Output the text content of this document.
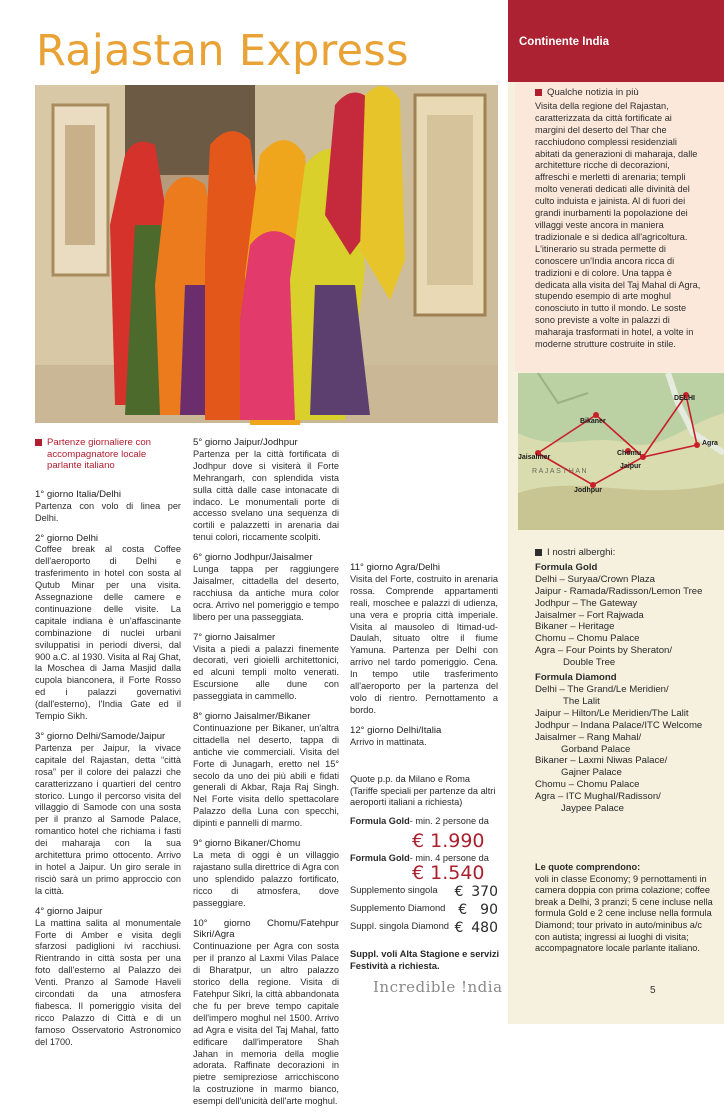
Rajastan Express
Partenze giornaliere con accompagnatore locale parlante italiano

1° giorno Italia/Delhi
Partenza con volo di linea per Delhi.

2° giorno Delhi
Coffee break al costa Coffee dell'aeroporto di Delhi e trasferimento in hotel con sosta al Qutub Minar per una visita. Assegnazione delle camere e continuazione delle visite. La capitale indiana è un'affascinante combinazione di nuclei urbani sviluppatisi in periodi diversi, dal 900 a.C. al 1930. Visita al Raj Ghat, la Moschea di Jama Masjid dalla cupola bianconera, il Forte Rosso ed i palazzi governativi (dall'esterno), l'India Gate ed il Tempio Sikh.

3° giorno Delhi/Samode/Jaipur
Partenza per Jaipur, la vivace capitale del Rajastan, detta “città rosa” per il colore dei palazzi che caratterizzano i quartieri del centro storico. Lungo il percorso visita del villaggio di Samode con una sosta per il pranzo al Samode Palace, romantico hotel che richiama i fasti dei maharaja con la sua architettura primo ottocento. Arrivo in hotel a Jaipur. Un giro serale in risciò sarà un primo approccio con la città.

4° giorno Jaipur
La mattina salita al monumentale Forte di Amber e visita degli sfarzosi padiglioni ivi racchiusi. Rientrando in città sosta per una foto dall'esterno al Palazzo dei Venti. Pranzo al Samode Haveli circondati da una atmosfera fiabesca. Il pomeriggio visita del ricco Palazzo di Città e di un famoso Osservatorio Astronomico del 1700.

5° giorno Jaipur/Jodhpur
Partenza per la città fortificata di Jodhpur dove si visiterà il Forte Mehrangarh, con splendida vista sulla città dalle case intonacate di indaco. Le monumentali porte di accesso svelano una sequenza di cortili e palazzetti in arenaria dai tenui colori, riccamente scolpiti.

6° giorno Jodhpur/Jaisalmer
Lunga tappa per raggiungere Jaisalmer, cittadella del deserto, racchiusa da antiche mura color ocra. Arrivo nel pomeriggio e tempo libero per una passeggiata.

7° giorno Jaisalmer
Visita a piedi a palazzi finemente decorati, veri gioielli architettonici, ed alcuni templi molto venerati. Escursione alle dune con passeggiata in cammello.

8° giorno Jaisalmer/Bikaner
Continuazione per Bikaner, un'altra cittadella nel deserto, tappa di antiche vie commerciali. Visita del Forte di Junagarh, eretto nel 15° secolo da uno dei più abili e fidati generali di Akbar, Raja Raj Singh. Nel Forte visita dello spettacolare Palazzo della Luna con specchi, dipinti e pannelli di marmo.

9° giorno Bikaner/Chomu
La meta di oggi è un villaggio rajastano sulla direttrice di Agra con uno splendido palazzo fortificato, ricco di atmosfera, dove passeggiare.

10° giorno Chomu/Fatehpur Sikri/Agra
Continuazione per Agra con sosta per il pranzo al Laxmi Vilas Palace di Bharatpur, un altro palazzo storico della regione. Visita di Fatehpur Sikri, la città abbandonata che fu per breve tempo capitale dell'impero moghul nel 1500. Arrivo ad Agra e visita del Taj Mahal, fatto edificare dall'imperatore Shah Jahan in memoria della moglie adorata. Raffinate decorazioni in pietre semipreziose arricchiscono la costruzione in marmo bianco, esempi dell'unicità dell'arte moghul.

11° giorno Agra/Delhi
Visita del Forte, costruito in arenaria rossa. Comprende appartamenti reali, moschee e palazzi di udienza, una vera e propria città imperiale. Visita al mausoleo di Itimad-ud-Daulah, situato oltre il fiume Yamuna. Partenza per Delhi con arrivo nel tardo pomeriggio. Cena. In tempo utile trasferimento all'aeroporto per la partenza del volo di rientro. Pernottamento a bordo.

12° giorno Delhi/Italia
Arrivo in mattinata.

Quote p.p. da Milano e Roma
(Tariffe speciali per partenze da altri aeroporti italiani a richiesta)
Formula Gold - min. 2 persone da
€ 1.990
Formula Gold - min. 4 persone da
€ 1.540
Supplemento singola € 370
Supplemento Diamond € 90
Suppl. singola Diamond € 480
Suppl. voli Alta Stagione e servizi Festività a richiesta.
Continente India
Qualche notizia in più
Visita della regione del Rajastan, caratterizzata da città fortificate ai margini del deserto del Thar che racchiudono complessi residenziali abitati da generazioni di maharaja, dalle architetture ricche di decorazioni, affreschi e merletti di arenaria; templi molto venerati dedicati alle divinità del culto induista e jainista. Al di fuori dei grandi inurbamenti la popolazione dei villaggi veste ancora in maniera tradizionale e si dedica all'agricoltura. L'itinerario su strada permette di conoscere un'India ancora ricca di tradizioni e di colore. Una tappa è dedicata alla visita del Taj Mahal di Agra, stupendo esempio di arte moghul conosciuto in tutto il mondo. Le soste sono previste a volte in palazzi di maharaja trasformati in hotel, a volte in moderne strutture costruite in stile.
DELHI
Bikaner
Jaisalmer
Chomu
Agra
Jaipur
Jodhpur
R A J A S T H A N
I nostri alberghi:
Formula Gold
Delhi – Suryaa/Crown Plaza
Jaipur - Ramada/Radisson/Lemon Tree
Jodhpur – The Gateway
Jaisalmer – Fort Rajwada
Bikaner – Heritage
Chomu – Chomu Palace
Agra – Four Points by Sheraton/
Double Tree
Formula Diamond
Delhi – The Grand/Le Meridien/
The Lalit
Jaipur – Hilton/Le Meridien/The Lalit
Jodhpur – Indana Palace/ITC Welcome
Jaisalmer – Rang Mahal/
Gorband Palace
Bikaner – Laxmi Niwas Palace/
Gajner Palace
Chomu – Chomu Palace
Agra – ITC Mughal/Radisson/
Jaypee Palace
Le quote comprendono:
voli in classe Economy; 9 pernottamenti in camera doppia con prima colazione; coffee break a Delhi, 3 pranzi; 5 cene incluse nella formula Gold e 2 cene incluse nella formula Diamond; tour privato in auto/minibus a/c con autista; ingressi ai luoghi di visita; accompagnatore locale parlante italiano.
Incredible !ndia	5
